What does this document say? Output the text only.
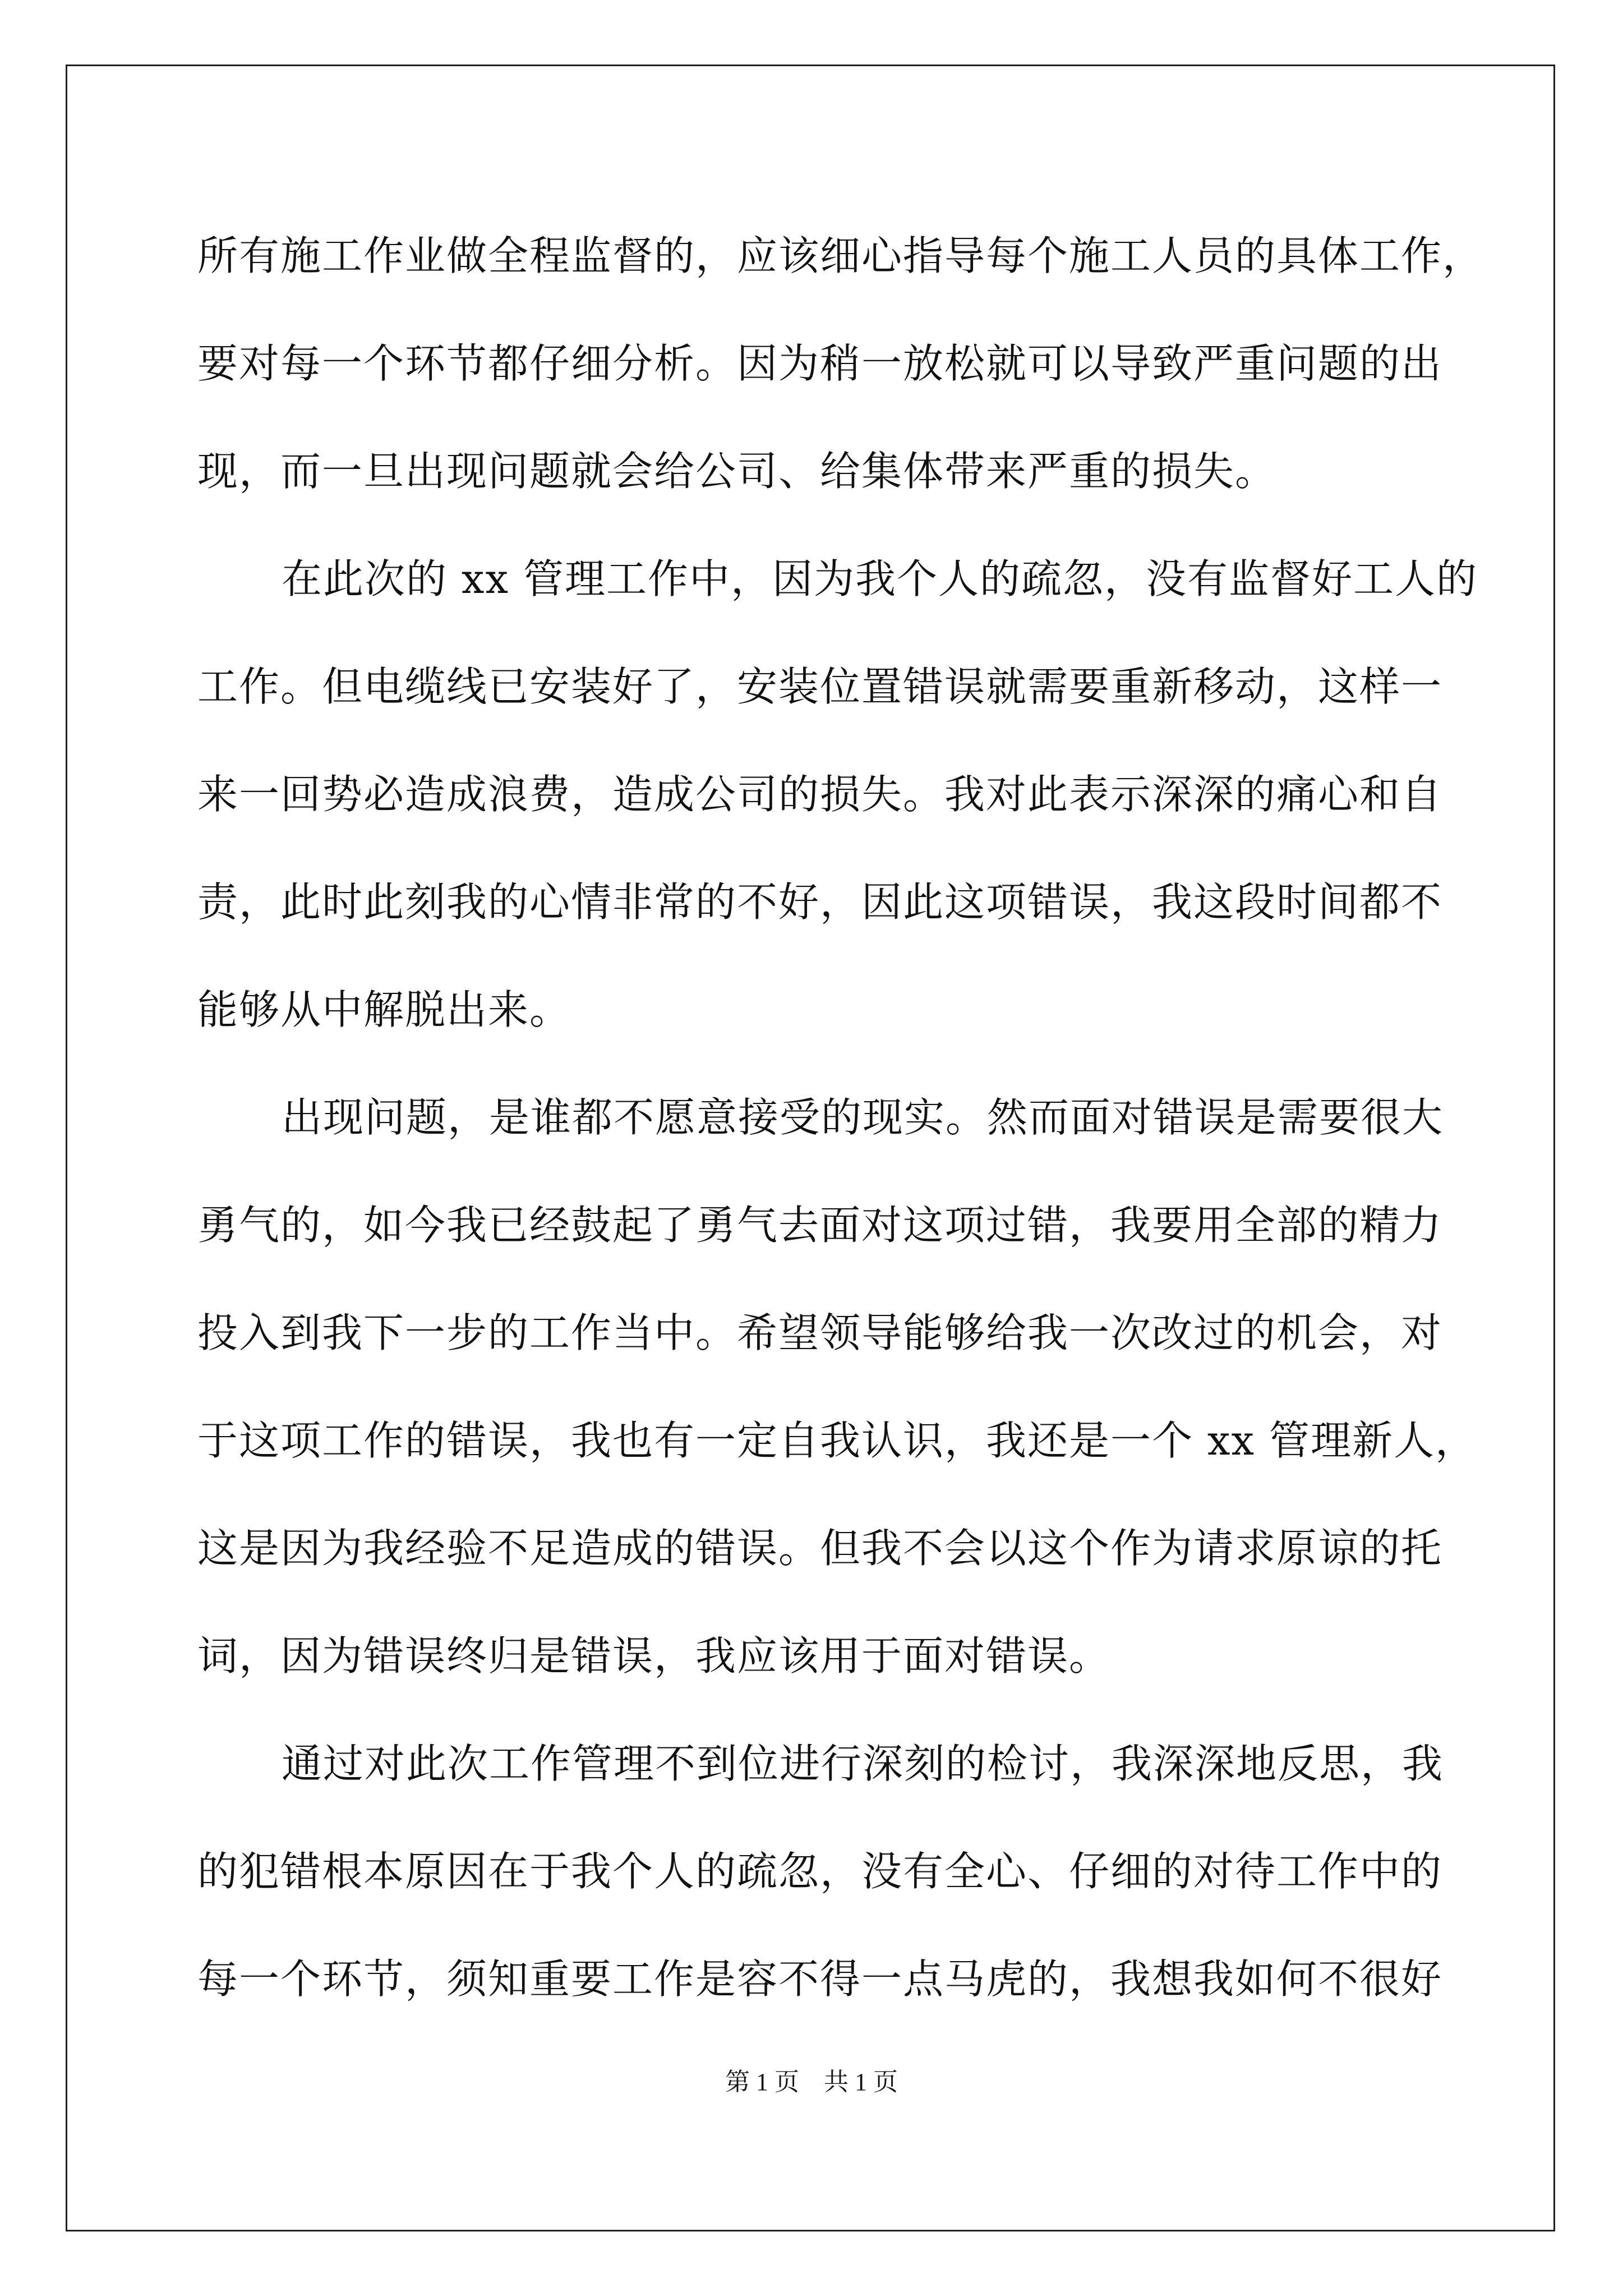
所有施工作业做全程监督的，应该细心指导每个施工人员的具体工作，
要对每一个环节都仔细分析。因为稍一放松就可以导致严重问题的出
现，而一旦出现问题就会给公司、给集体带来严重的损失。
在此次的 xx 管理工作中，因为我个人的疏忽，没有监督好工人的
工作。但电缆线已安装好了，安装位置错误就需要重新移动，这样一
来一回势必造成浪费，造成公司的损失。我对此表示深深的痛心和自
责，此时此刻我的心情非常的不好，因此这项错误，我这段时间都不
能够从中解脱出来。
出现问题，是谁都不愿意接受的现实。然而面对错误是需要很大
勇气的，如今我已经鼓起了勇气去面对这项过错，我要用全部的精力
投入到我下一步的工作当中。希望领导能够给我一次改过的机会，对
于这项工作的错误，我也有一定自我认识，我还是一个 xx 管理新人，
这是因为我经验不足造成的错误。但我不会以这个作为请求原谅的托
词，因为错误终归是错误，我应该用于面对错误。
通过对此次工作管理不到位进行深刻的检讨，我深深地反思，我
的犯错根本原因在于我个人的疏忽，没有全心、仔细的对待工作中的
每一个环节，须知重要工作是容不得一点马虎的，我想我如何不很好
第 1 页　共 1 页
